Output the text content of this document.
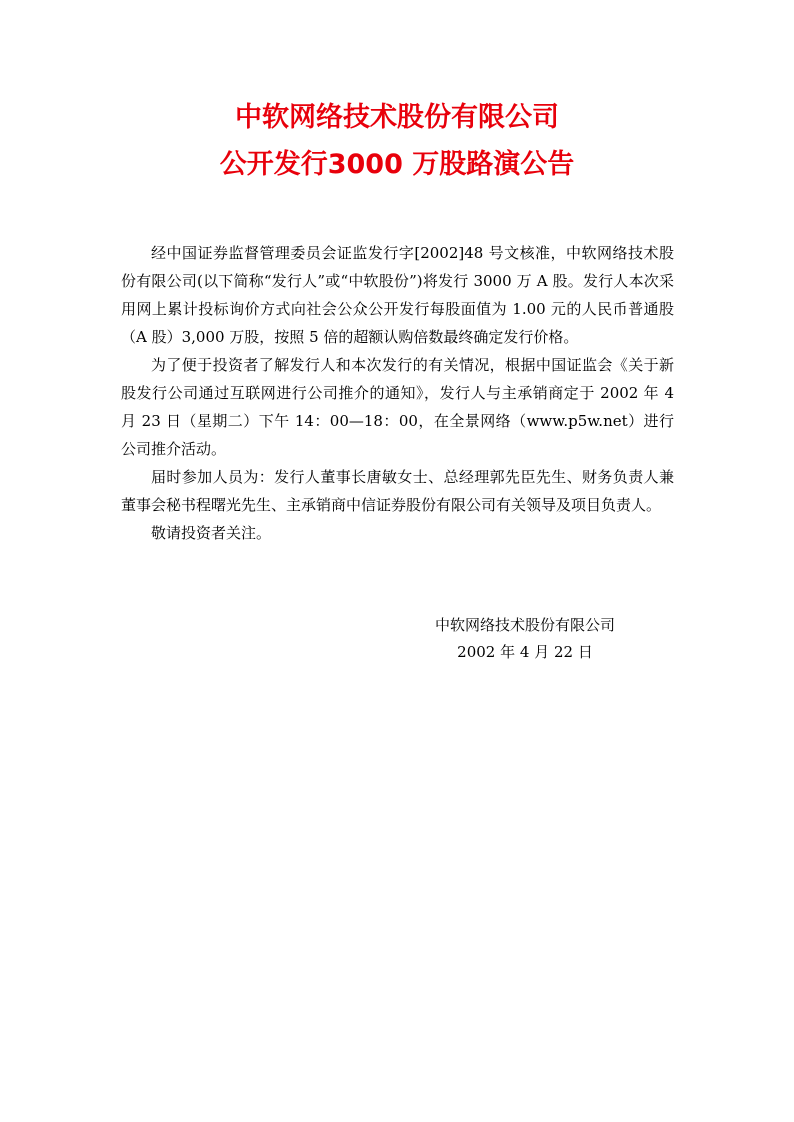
中软网络技术股份有限公司
公开发行3000 万股路演公告

经中国证券监督管理委员会证监发行字[2002]48 号文核准，中软网络技术股份有限公司(以下简称“发行人”或“中软股份”)将发行 3000 万 A 股。发行人本次采用网上累计投标询价方式向社会公众公开发行每股面值为 1.00 元的人民币普通股（A 股）3,000 万股，按照 5 倍的超额认购倍数最终确定发行价格。

为了便于投资者了解发行人和本次发行的有关情况，根据中国证监会《关于新股发行公司通过互联网进行公司推介的通知》，发行人与主承销商定于 2002 年 4 月 23 日（星期二）下午 14：00—18：00，在全景网络（www.p5w.net）进行公司推介活动。

届时参加人员为：发行人董事长唐敏女士、总经理郭先臣先生、财务负责人兼董事会秘书程曙光先生、主承销商中信证券股份有限公司有关领导及项目负责人。

敬请投资者关注。

中软网络技术股份有限公司
2002 年 4 月 22 日
